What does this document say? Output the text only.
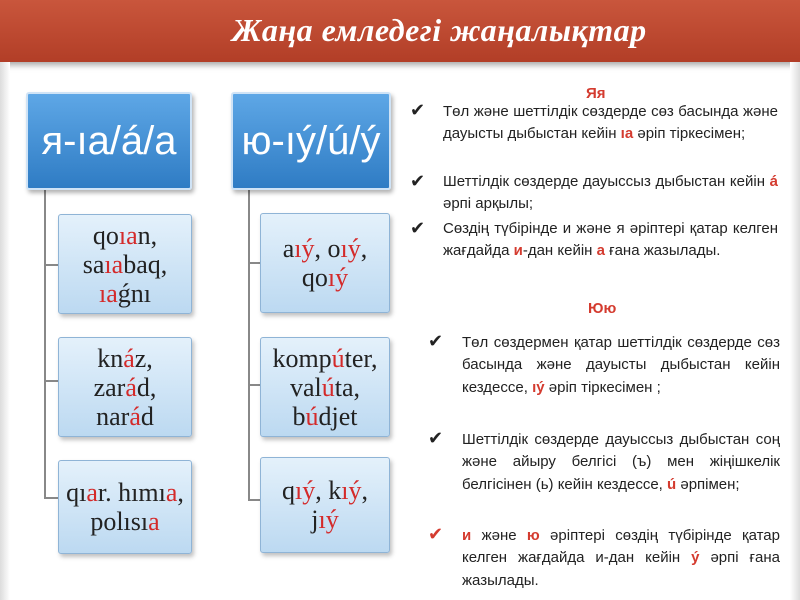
Жаңа емледегі жаңалықтар
я-ıa/á/a
qoıan,
saıabaq,
ıaǵnı
knáz,
zarád,
narád
qıar. hımıa,
polısıa
ю-ıý/ú/ý
aıý, oıý,
qoıý
kompúter,
valúta,
búdjet
qıý, kıý,
jıý
Яя
✔ Төл және шеттілдік сөздерде сөз басында және дауысты дыбыстан кейін ıa әріп тіркесімен;
✔ Шеттілдік сөздерде дауыссыз дыбыстан кейін á әрпі арқылы;
✔ Сөздің түбірінде и және я әріптері қатар келген жағдайда и-дан кейін a ғана жазылады.
Юю
✔ Төл сөздермен қатар шеттілдік сөздерде сөз басында және дауысты дыбыстан кейін кездессе, ıý әріп тіркесімен ;
✔ Шеттілдік сөздерде дауыссыз дыбыстан соң және айыру белгісі (ъ) мен жіңішкелік белгісінен (ь) кейін кездессе, ú әрпімен;
✔ и және ю әріптері сөздің түбірінде қатар келген жағдайда и-дан кейін ý әрпі ғана жазылады.
